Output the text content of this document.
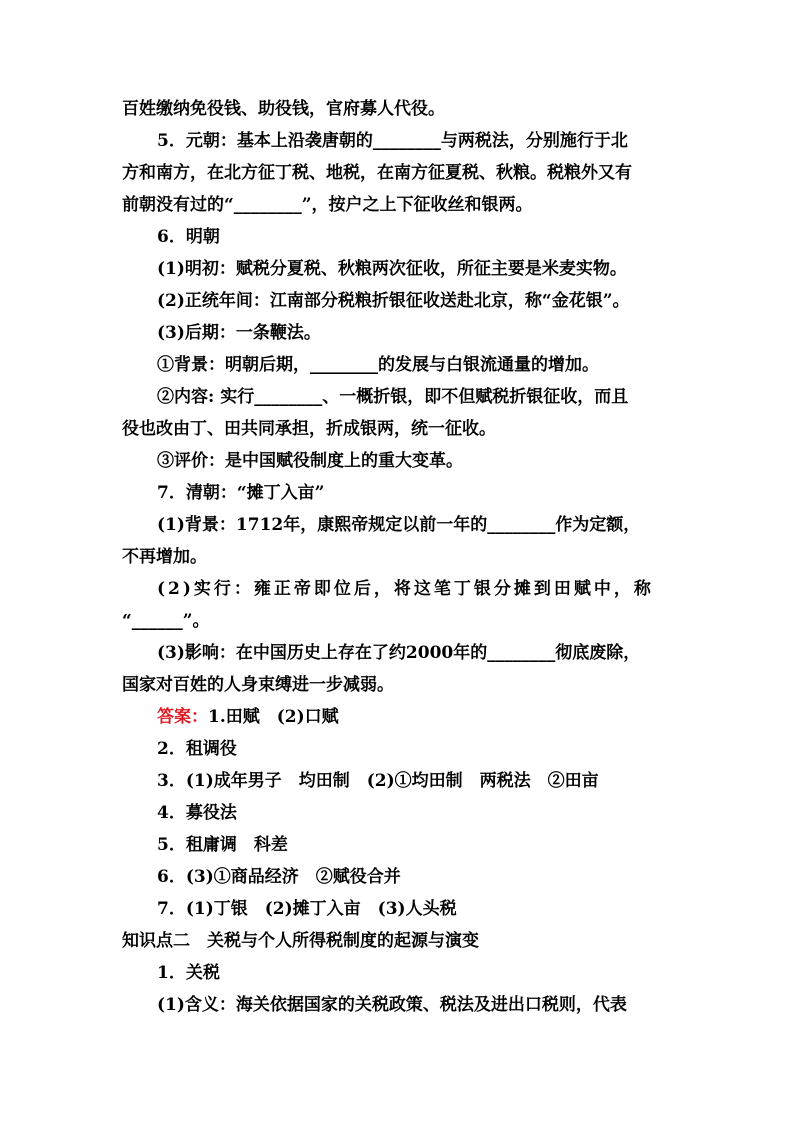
百姓缴纳免役钱、助役钱，官府募人代役。
5．元朝：基本上沿袭唐朝的________与两税法，分别施行于北
方和南方，在北方征丁税、地税，在南方征夏税、秋粮。税粮外又有
前朝没有过的“________”，按户之上下征收丝和银两。
6．明朝
(1)明初：赋税分夏税、秋粮两次征收，所征主要是米麦实物。
(2)正统年间：江南部分税粮折银征收送赴北京，称“金花银”。
(3)后期：一条鞭法。
①背景：明朝后期，________的发展与白银流通量的增加。
②内容: 实行________、一概折银，即不但赋税折银征收，而且
役也改由丁、田共同承担，折成银两，统一征收。
③评价：是中国赋役制度上的重大变革。
7．清朝：“摊丁入亩”
(1)背景：1712年，康熙帝规定以前一年的________作为定额，
不再增加。
(2)实行：雍正帝即位后，将这笔丁银分摊到田赋中，称
“______”。
(3)影响：在中国历史上存在了约2000年的________彻底废除，
国家对百姓的人身束缚进一步减弱。
答案：1.田赋　(2)口赋
2．租调役
3．(1)成年男子　均田制　(2)①均田制　两税法　②田亩
4．募役法
5．租庸调　科差
6．(3)①商品经济　②赋役合并
7．(1)丁银　(2)摊丁入亩　(3)人头税
知识点二　关税与个人所得税制度的起源与演变
1．关税
(1)含义：海关依据国家的关税政策、税法及进出口税则，代表
